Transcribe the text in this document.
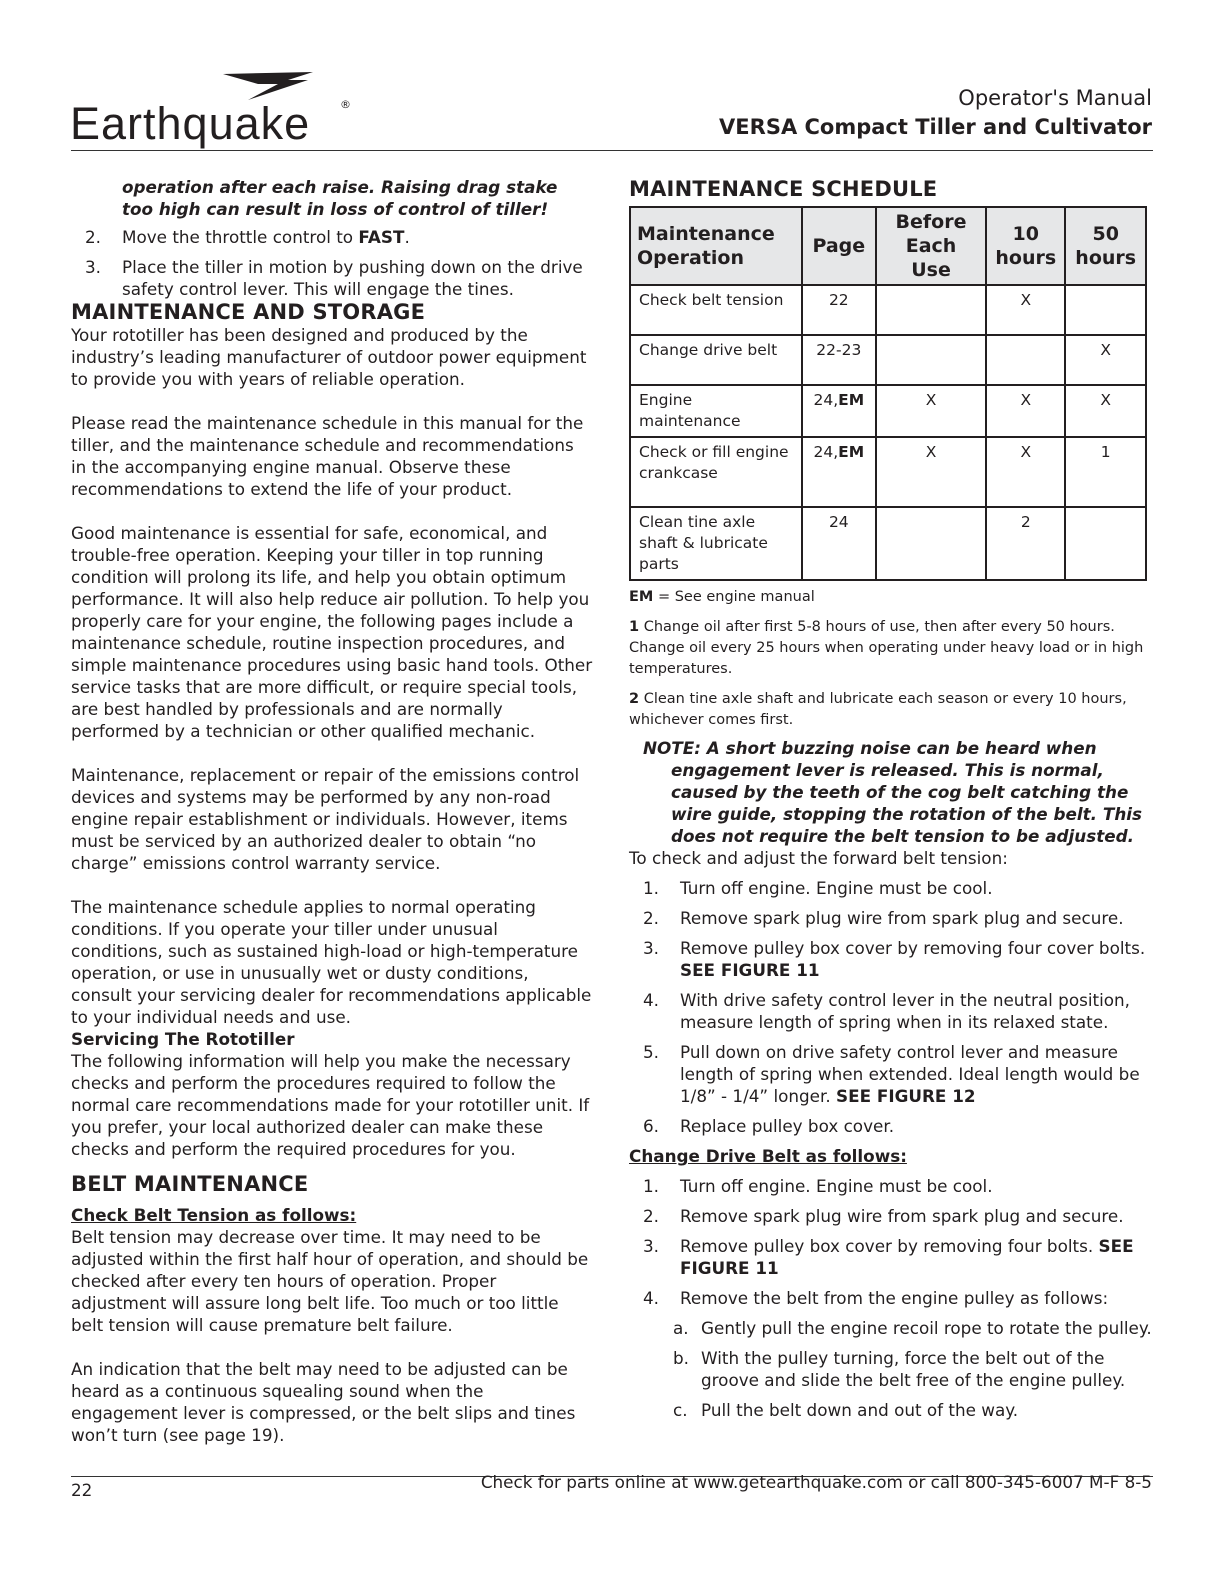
Earthquake	®	Operator's Manual
VERSA Compact Tiller and Cultivator

operation after each raise. Raising drag stake too high can result in loss of control of tiller!

2. Move the throttle control to FAST.
3. Place the tiller in motion by pushing down on the drive safety control lever. This will engage the tines.
MAINTENANCE AND STORAGE

Your rototiller has been designed and produced by the industry’s leading manufacturer of outdoor power equipment to provide you with years of reliable operation.

Please read the maintenance schedule in this manual for the tiller, and the maintenance schedule and recommendations in the accompanying engine manual. Observe these recommendations to extend the life of your product.

Good maintenance is essential for safe, economical, and trouble-free operation. Keeping your tiller in top running condition will prolong its life, and help you obtain optimum performance. It will also help reduce air pollution. To help you properly care for your engine, the following pages include a maintenance schedule, routine inspection procedures, and simple maintenance procedures using basic hand tools. Other service tasks that are more difficult, or require special tools, are best handled by professionals and are normally performed by a technician or other qualified mechanic.

Maintenance, replacement or repair of the emissions control devices and systems may be performed by any non-road engine repair establishment or individuals. However, items must be serviced by an authorized dealer to obtain “no charge” emissions control warranty service.

The maintenance schedule applies to normal operating conditions. If you operate your tiller under unusual conditions, such as sustained high-load or high-temperature operation, or use in unusually wet or dusty conditions, consult your servicing dealer for recommendations applicable to your individual needs and use.

Servicing The Rototiller

The following information will help you make the necessary checks and perform the procedures required to follow the normal care recommendations made for your rototiller unit. If you prefer, your local authorized dealer can make these checks and perform the required procedures for you.

BELT MAINTENANCE
Check Belt Tension as follows:

Belt tension may decrease over time. It may need to be adjusted within the first half hour of operation, and should be checked after every ten hours of operation. Proper adjustment will assure long belt life. Too much or too little belt tension will cause premature belt failure.

An indication that the belt may need to be adjusted can be heard as a continuous squealing sound when the engagement lever is compressed, or the belt slips and tines won’t turn (see page 19).

MAINTENANCE SCHEDULE
Maintenance Operation	Page	Before Each Use	10 hours	50 hours
Check belt tension	22		X	
Change drive belt	22-23			X
Engine maintenance	24,EM	X	X	X
Check or fill engine crankcase	24,EM	X	X	1
Clean tine axle shaft & lubricate parts	24		2	

EM = See engine manual

1 Change oil after first 5-8 hours of use, then after every 50 hours. Change oil every 25 hours when operating under heavy load or in high temperatures.

2 Clean tine axle shaft and lubricate each season or every 10 hours, whichever comes first.

NOTE: A short buzzing noise can be heard when
engagement lever is released. This is normal, caused by the teeth of the cog belt catching the wire guide, stopping the rotation of the belt. This does not require the belt tension to be adjusted.

To check and adjust the forward belt tension:

1. Turn off engine. Engine must be cool.
2. Remove spark plug wire from spark plug and secure.
3. Remove pulley box cover by removing four cover bolts. SEE FIGURE 11
4. With drive safety control lever in the neutral position, measure length of spring when in its relaxed state.
5. Pull down on drive safety control lever and measure length of spring when extended. Ideal length would be 1/8” - 1/4” longer. SEE FIGURE 12
6. Replace pulley box cover.
Change Drive Belt as follows:
1. Turn off engine. Engine must be cool.
2. Remove spark plug wire from spark plug and secure.
3. Remove pulley box cover by removing four bolts. SEE FIGURE 11
4. Remove the belt from the engine pulley as follows:
a. Gently pull the engine recoil rope to rotate the pulley.
b. With the pulley turning, force the belt out of the groove and slide the belt free of the engine pulley.
c. Pull the belt down and out of the way.
22	Check for parts online at www.getearthquake.com or call 800-345-6007 M-F 8-5
